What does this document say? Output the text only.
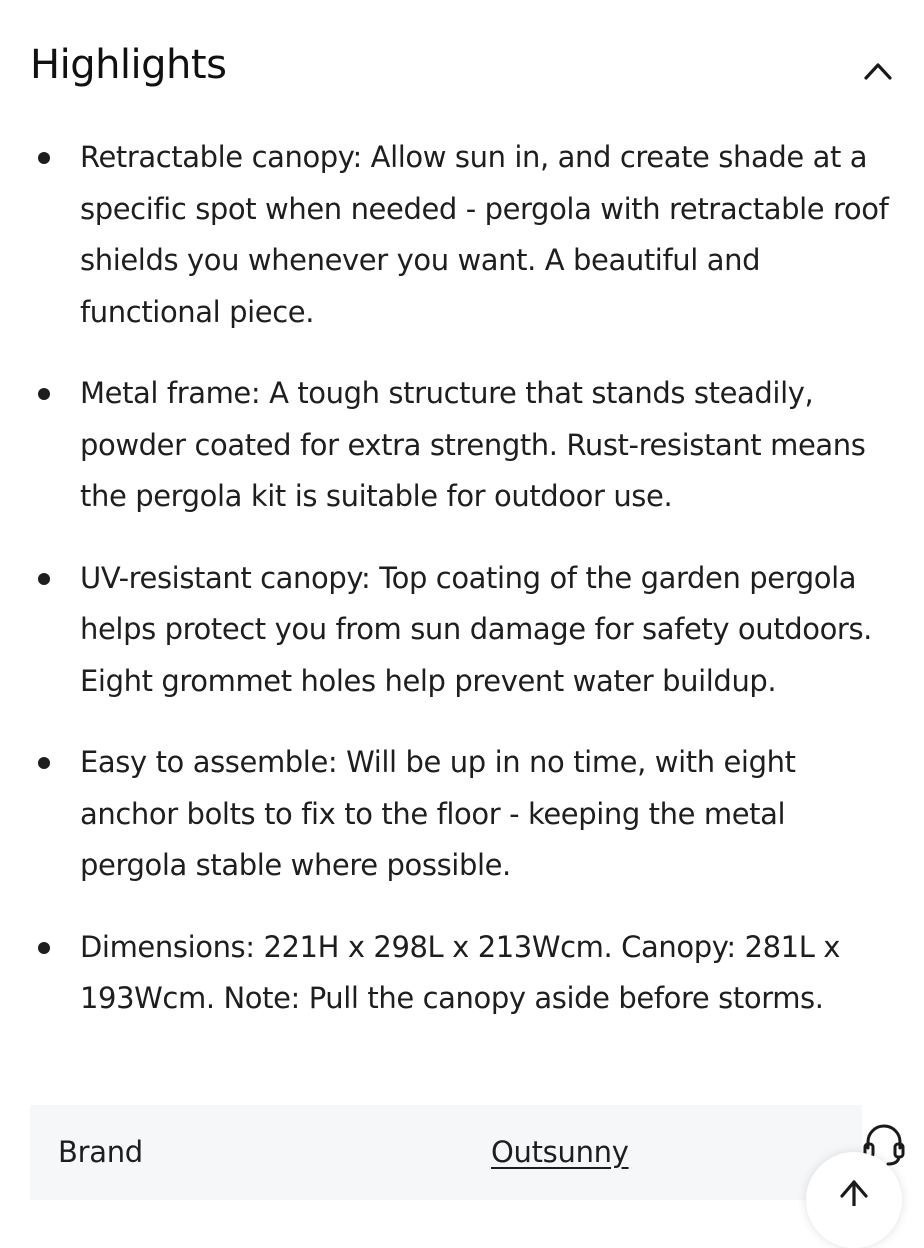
Highlights
Retractable canopy: Allow sun in, and create shade at a specific spot when needed - pergola with retractable roof shields you whenever you want. A beautiful and functional piece.
Metal frame: A tough structure that stands steadily, powder coated for extra strength. Rust-resistant means the pergola kit is suitable for outdoor use.
UV-resistant canopy: Top coating of the garden pergola helps protect you from sun damage for safety outdoors. Eight grommet holes help prevent water buildup.
Easy to assemble: Will be up in no time, with eight anchor bolts to fix to the floor - keeping the metal pergola stable where possible.
Dimensions: 221H x 298L x 213Wcm. Canopy: 281L x 193Wcm. Note: Pull the canopy aside before storms.
Brand	Outsunny
